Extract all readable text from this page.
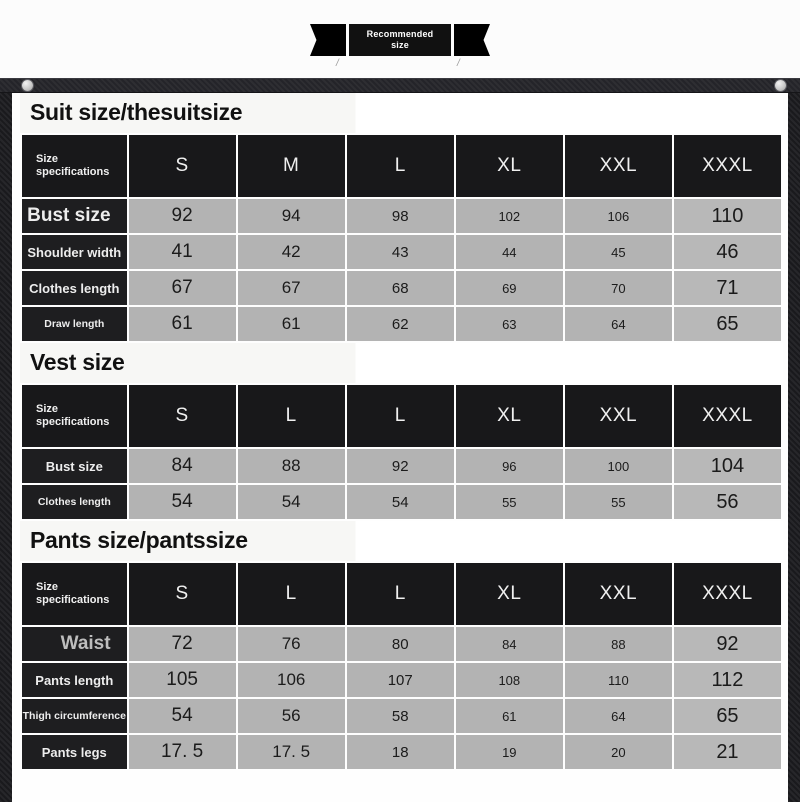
Recommended
size
/	/
Suit size/thesuitsize
Size
specifications	S	M	L	XL	XXL	XXXL
Bust size	92	94	98	102	106	110
Shoulder width	41	42	43	44	45	46
Clothes length	67	67	68	69	70	71
Draw length	61	61	62	63	64	65
Vest size
Size
specifications	S	L	L	XL	XXL	XXXL
Bust size	84	88	92	96	100	104
Clothes length	54	54	54	55	55	56
Pants size/pantssize
Size
specifications	S	L	L	XL	XXL	XXXL
Waist	72	76	80	84	88	92
Pants length	105	106	107	108	110	112
Thigh circumference	54	56	58	61	64	65
Pants legs	17. 5	17. 5	18	19	20	21
